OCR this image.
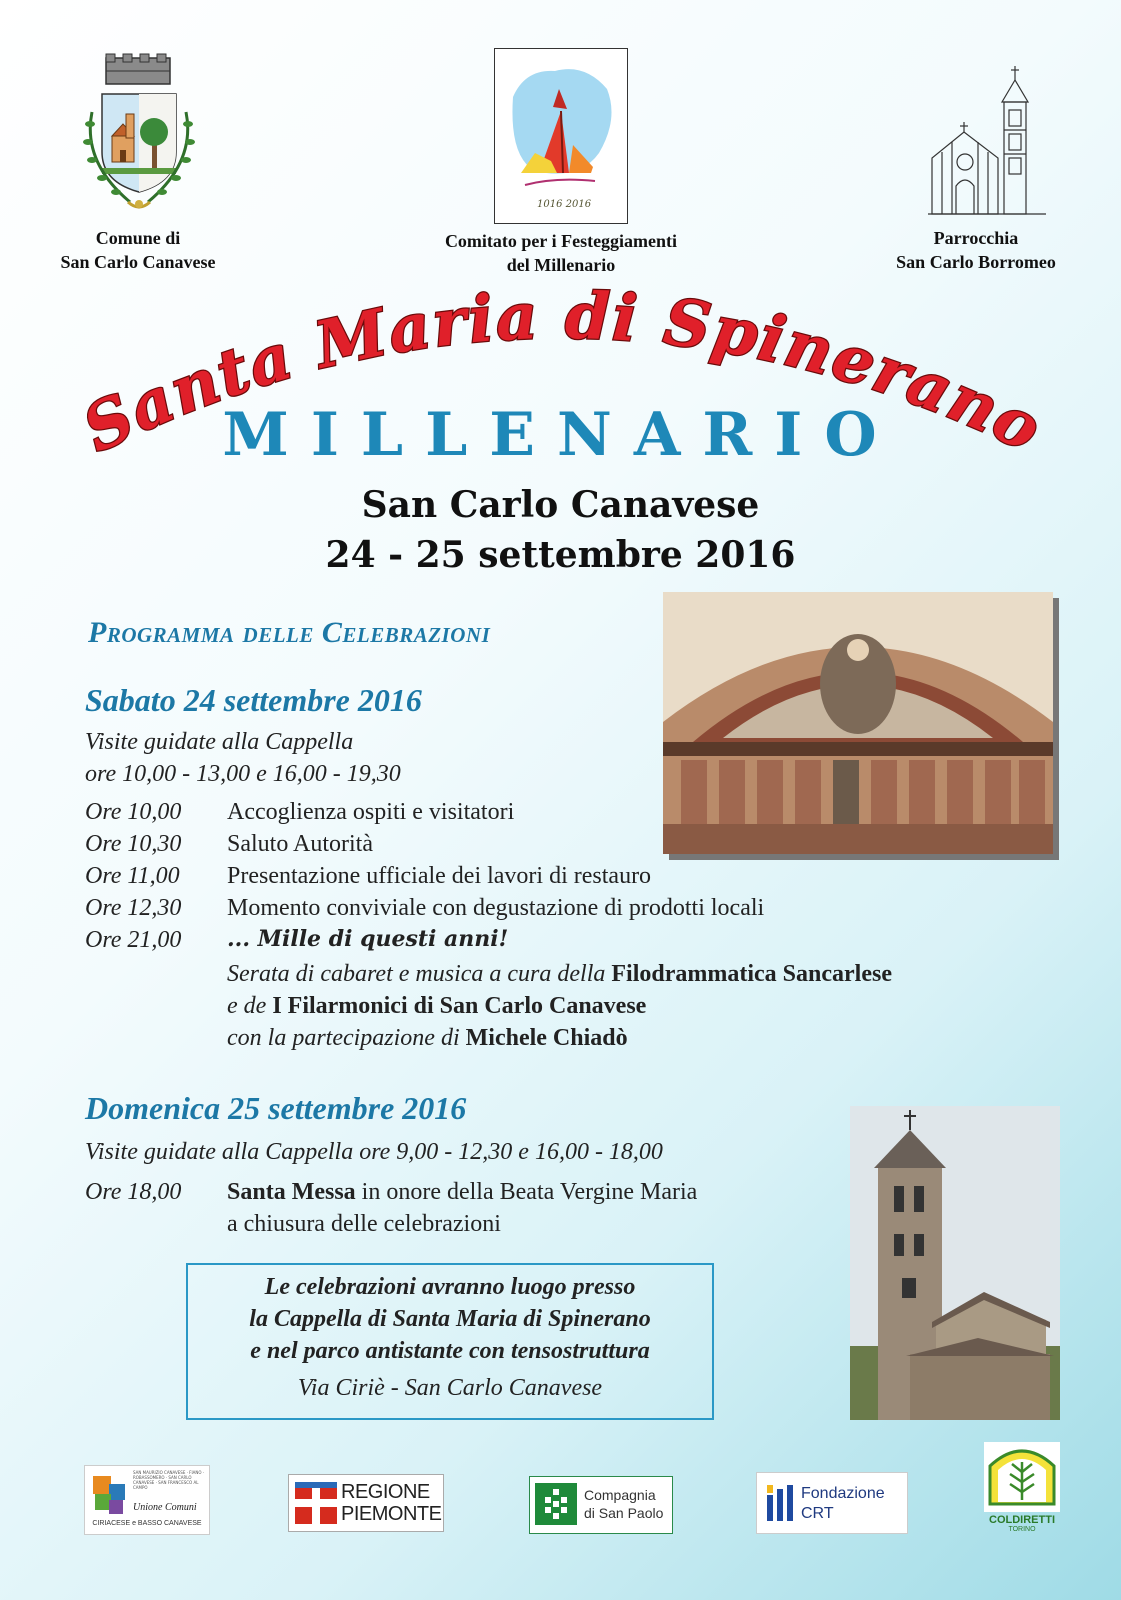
Comune di
San Carlo Canavese
1016 2016
Comitato per i Festeggiamenti
del Millenario
Parrocchia
San Carlo Borromeo
Santa Maria di Spinerano
MILLENARIO
San Carlo Canavese
24 - 25 settembre 2016
Programma delle Celebrazioni
Sabato 24 settembre 2016
Visite guidate alla Cappella
ore 10,00 - 13,00 e 16,00 - 19,30
Ore 10,00 Accoglienza ospiti e visitatori
Ore 10,30 Saluto Autorità
Ore 11,00 Presentazione ufficiale dei lavori di restauro
Ore 12,30 Momento conviviale con degustazione di prodotti locali
Ore 21,00 ... Mille di questi anni!
Serata di cabaret e musica a cura della Filodrammatica Sancarlese
e de I Filarmonici di San Carlo Canavese
con la partecipazione di Michele Chiadò
Domenica 25 settembre 2016
Visite guidate alla Cappella ore 9,00 - 12,30 e 16,00 - 18,00
Ore 18,00 Santa Messa in onore della Beata Vergine Maria
a chiusura delle celebrazioni
Le celebrazioni avranno luogo presso
la Cappella di Santa Maria di Spinerano
e nel parco antistante con tensostruttura
Via Ciriè - San Carlo Canavese
SAN MAURIZIO CANAVESE · FIANO · ROBASSOMERO · SAN CARLO CANAVESE · SAN FRANCESCO AL CAMPO
Unione Comuni
CIRIACESE e BASSO CANAVESE
REGIONE
PIEMONTE
Compagnia
di San Paolo
Fondazione
CRT	COLDIRETTI
TORINO
